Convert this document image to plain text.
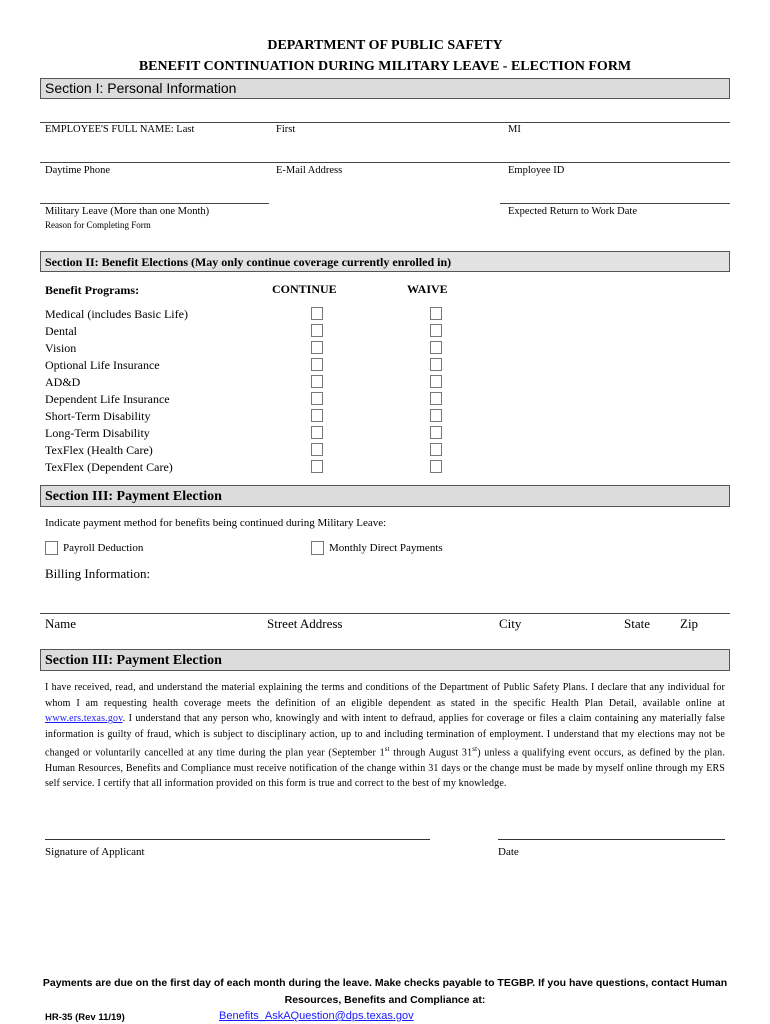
DEPARTMENT OF PUBLIC SAFETY
BENEFIT CONTINUATION DURING MILITARY LEAVE - ELECTION FORM
Section I: Personal Information
EMPLOYEE'S FULL NAME: Last	First	MI
Daytime Phone	E-Mail Address	Employee ID
Military Leave (More than one Month)
Reason for Completing Form
Expected Return to Work Date
Section II: Benefit Elections (May only continue coverage currently enrolled in)
Benefit Programs:	CONTINUE	WAIVE
Medical (includes Basic Life)
Dental
Vision
Optional Life Insurance
AD&D
Dependent Life Insurance
Short-Term Disability
Long-Term Disability
TexFlex (Health Care)
TexFlex (Dependent Care)
Section III: Payment Election
Indicate payment method for benefits being continued during Military Leave:
Payroll Deduction	Monthly Direct Payments
Billing Information:
Name	Street Address	City	State Zip
Section III: Payment Election
I have received, read, and understand the material explaining the terms and conditions of the Department of Public Safety Plans. I declare that any individual for whom I am requesting health coverage meets the definition of an eligible dependent as stated in the specific Health Plan Detail, available online at www.ers.texas.gov. I understand that any person who, knowingly and with intent to defraud, applies for coverage or files a claim containing any materially false information is guilty of fraud, which is subject to disciplinary action, up to and including termination of employment. I understand that my elections may not be changed or voluntarily cancelled at any time during the plan year (September 1st through August 31st) unless a qualifying event occurs, as defined by the plan. Human Resources, Benefits and Compliance must receive notification of the change within 31 days or the change must be made by myself online through my ERS self service. I certify that all information provided on this form is true and correct to the best of my knowledge.
Signature of Applicant	Date
Payments are due on the first day of each month during the leave. Make checks payable to TEGBP. If you have questions, contact Human
Resources, Benefits and Compliance at:
HR-35 (Rev 11/19)	Benefits_AskAQuestion@dps.texas.gov
